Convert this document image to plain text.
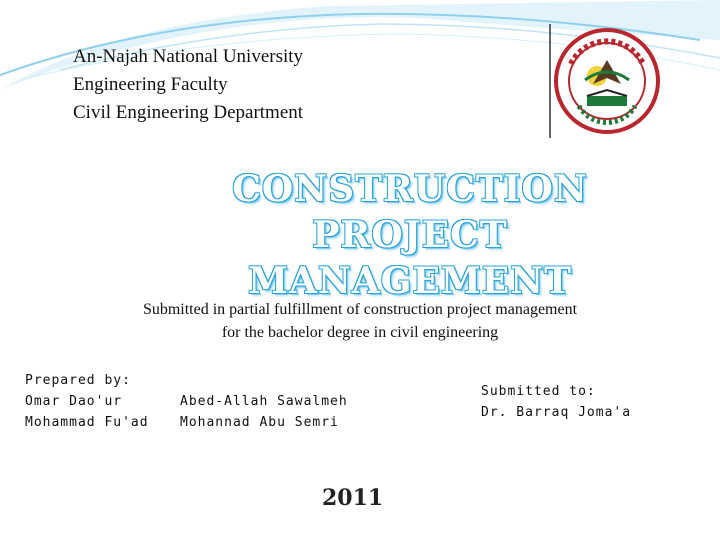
An-Najah National University
Engineering Faculty
Civil Engineering Department
CONSTRUCTION PROJECT
MANAGEMENT
Submitted in partial fulfillment of construction project management
for the bachelor degree in civil engineering
Prepared by:
Omar Dao'ur
Mohammad Fu'ad
Abed-Allah Sawalmeh
Mohannad Abu Semri
Submitted to:
Dr. Barraq Joma'a
2011
